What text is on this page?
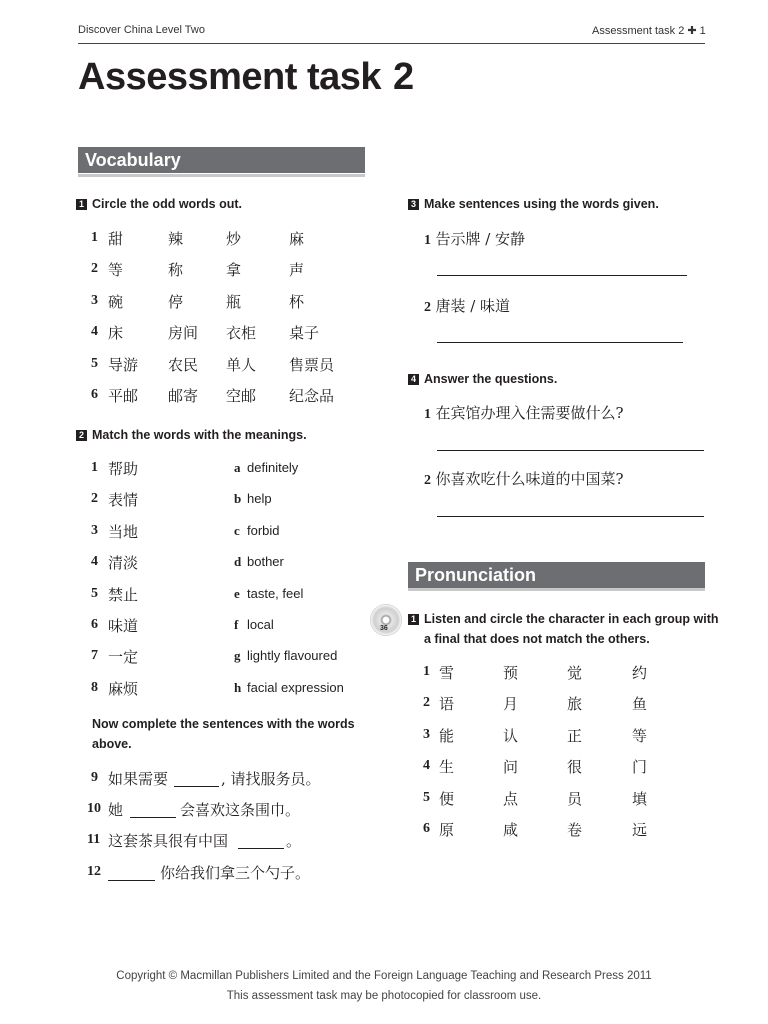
Discover China Level Two	Assessment task 2 ✚ 1
Assessment task 2
Vocabulary
1 Circle the odd words out.
1 甜	辣	炒	麻
2 等	称	拿	声
3 碗	停	瓶	杯
4 床	房间 衣柜 桌子
5 导游 农民 单人 售票员
6 平邮 邮寄 空邮 纪念品
2 Match the words with the meanings.
1 帮助	a definitely
2 表情	b help
3 当地	c forbid
4 清淡	d bother
5 禁止	e taste, feel
6 味道	f local
7 一定	g lightly flavoured
8 麻烦	h facial expression
Now complete the sentences with the words
above.
9 如果需要	, 请找服务员。
10 她	会喜欢这条围巾。
11 这套茶具很有中国	。
12	你给我们拿三个勺子。
3 Make sentences using the words given.
1 告示牌 / 安静
2 唐装 / 味道
4 Answer the questions.
1 在宾馆办理入住需要做什么?
2 你喜欢吃什么味道的中国菜?
Pronunciation
36
1 Listen and circle the character in each group with
a final that does not match the others.
1 雪	预	觉	约
2 语	月	旅	鱼
3 能	认	正	等
4 生	问	很	门
5 便	点	员	填
6 原	咸	卷	远
Copyright © Macmillan Publishers Limited and the Foreign Language Teaching and Research Press 2011
This assessment task may be photocopied for classroom use.
